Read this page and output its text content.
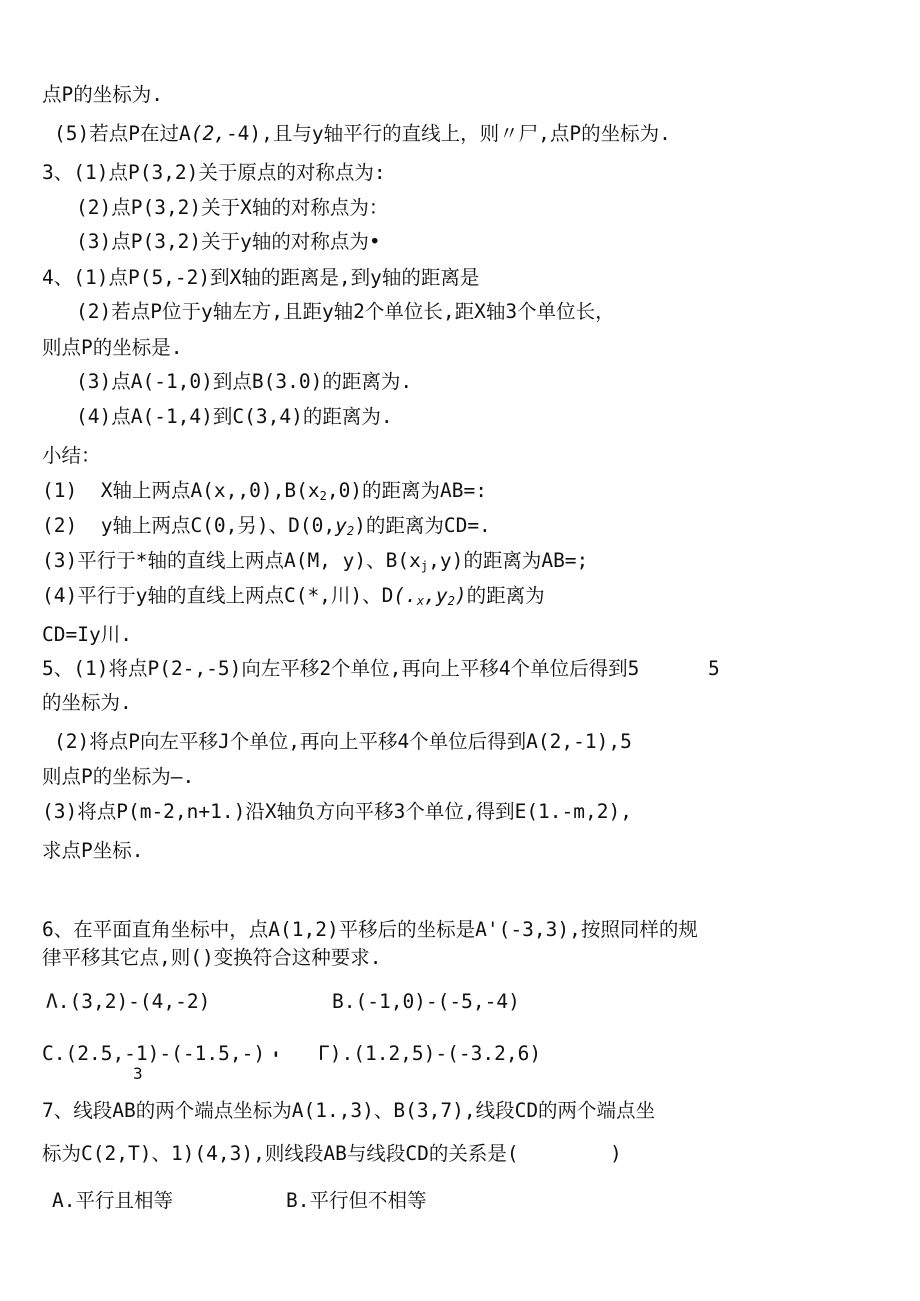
点P的坐标为.
(5)若点P在过A(2,-4),且与y轴平行的直线上，则〃尸,点P的坐标为.
3、(1)点P(3,2)关于原点的对称点为:
(2)点P(3,2)关于X轴的对称点为：
(3)点P(3,2)关于y轴的对称点为•
4、(1)点P(5,-2)到X轴的距离是,到y轴的距离是
(2)若点P位于y轴左方,且距y轴2个单位长,距X轴3个单位长，
则点P的坐标是.
(3)点A(-1,0)到点B(3.0)的距离为.
(4)点A(-1,4)到C(3,4)的距离为.
小结：
(1)  X轴上两点$A(x,,0),B(x_2,0)$的距离为AB=:
(2)  y轴上两点C(0,另)、$D(0,y_2)$的距离为CD=.
(3)平行于*轴的直线上两点A(M, y)、$B(x_j,y)$的距离为AB=;
(4)平行于y轴的直线上两点C(*,川)、$D(._x,y_2)$的距离为
CD=Iy川.
5、(1)将点P(2-,-5)向左平移2个单位,再向上平移4个单位后得到5	5
的坐标为.
(2)将点P向左平移J个单位,再向上平移4个单位后得到A(2,-1),5
则点P的坐标为—.
(3)将点P(m-2,n+1.)沿X轴负方向平移3个单位,得到E(1.-m,2),
求点P坐标.
6、在平面直角坐标中，点A(1,2)平移后的坐标是A'(-3,3),按照同样的规
律平移其它点,则()变换符合这种要求.
Λ.(3,2)-(4,-2)	B.(-1,0)-(-5,-4)
C.(2.5,-1)-(-1.5,-)
3
' Γ).(1.2,5)-(-3.2,6)
7、线段AB的两个端点坐标为A(1.,3)、B(3,7),线段CD的两个端点坐
标为C(2,T)、1)(4,3),则线段AB与线段CD的关系是(	)
A.平行且相等	B.平行但不相等
